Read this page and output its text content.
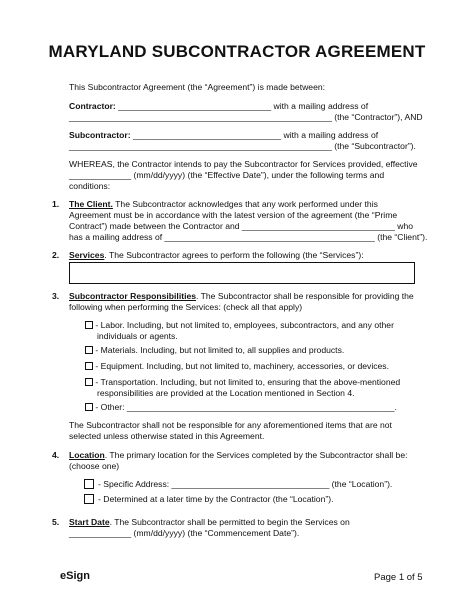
MARYLAND SUBCONTRACTOR AGREEMENT
This Subcontractor Agreement (the “Agreement”) is made between:
Contractor: ________________________________ with a mailing address of
_______________________________________________________ (the “Contractor”), AND
Subcontractor: _______________________________ with a mailing address of
_______________________________________________________ (the “Subcontractor”).
WHEREAS, the Contractor intends to pay the Subcontractor for Services provided, effective
_____________ (mm/dd/yyyy) (the “Effective Date”), under the following terms and
conditions:
1. The Client. The Subcontractor acknowledges that any work performed under this
Agreement must be in accordance with the latest version of the agreement (the “Prime
Contract”) made between the Contractor and ________________________________ who
has a mailing address of ____________________________________________ (the “Client”).
2. Services. The Subcontractor agrees to perform the following (the “Services”):
3. Subcontractor Responsibilities. The Subcontractor shall be responsible for providing the
following when performing the Services: (check all that apply)
- Labor. Including, but not limited to, employees, subcontractors, and any other
individuals or agents.
- Materials. Including, but not limited to, all supplies and products.
- Equipment. Including, but not limited to, machinery, accessories, or devices.
- Transportation. Including, but not limited to, ensuring that the above-mentioned
responsibilities are provided at the Location mentioned in Section 4.
- Other: ________________________________________________________.
The Subcontractor shall not be responsible for any aforementioned items that are not
selected unless otherwise stated in this Agreement.
4. Location. The primary location for the Services completed by the Subcontractor shall be:
(choose one)
- Specific Address: _________________________________ (the “Location”).
- Determined at a later time by the Contractor (the “Location”).
5. Start Date. The Subcontractor shall be permitted to begin the Services on
_____________ (mm/dd/yyyy) (the “Commencement Date”).
eSign	Page 1 of 5
